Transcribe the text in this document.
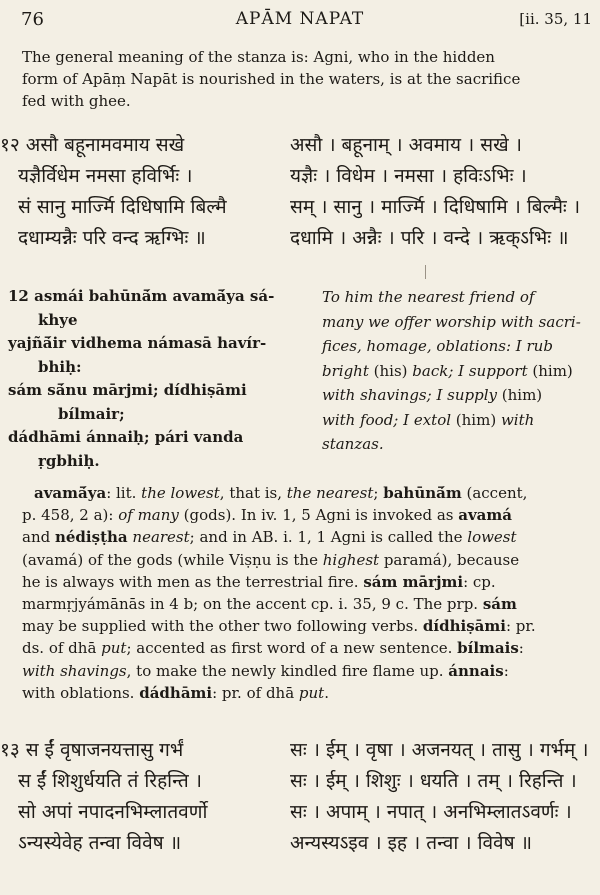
76	APĀM NAPAT	[ii. 35, 11
The general meaning of the stanza is: Agni, who in the hidden
form of Apāṃ Napāt is nourished in the waters, is at the sacrifice
fed with ghee.
१२ असौ बहूनामवमाय सखे
यज्ञैर्विधेम नमसा हविर्भिः ।
सं सानु मार्ज्मि दिधिषामि बिल्मै
दधाम्यन्नैः परि वन्द ऋग्भिः ॥
असौ । बहूनाम् । अवमाय । सखे ।
यज्ञैः । विधेम । नमसा । हविःऽभिः ।
सम् । सानु । मार्ज्मि । दिधिषामि । बिल्मैः ।
दधामि । अन्नैः । परि । वन्दे । ऋक्ऽभिः ॥
12 asmái bahūnā́m avamā́ya sá-
khye
yajñā́ir vidhema námasā havír-
bhiḥ:
sám sā́nu mārjmi; dídhiṣāmi
bílmair;
dádhāmi ánnaiḥ; pári vanda
ṛgbhiḥ.
To him the nearest friend of
many we offer worship with sacri-
fices, homage, oblations: I rub
bright (his) back; I support (him)
with shavings; I supply (him)
with food; I extol (him) with
stanzas.
avamā́ya: lit. the lowest, that is, the nearest; bahūnā́m (accent,
p. 458, 2 a): of many (gods). In iv. 1, 5 Agni is invoked as avamá
and nédiṣṭha nearest; and in AB. i. 1, 1 Agni is called the lowest
(avamá) of the gods (while Viṣṇu is the highest paramá), because
he is always with men as the terrestrial fire. sám mārjmi: cp.
marmṛjyámānās in 4 b; on the accent cp. i. 35, 9 c. The prp. sám
may be supplied with the other two following verbs. dídhiṣāmi: pr.
ds. of dhā put; accented as first word of a new sentence. bílmais:
with shavings, to make the newly kindled fire flame up. ánnais:
with oblations. dádhāmi: pr. of dhā put.
१३ स ईं वृषाजनयत्तासु गर्भं
स ईं शिशुर्धयति तं रिहन्ति ।
सो अपां नपादनभिम्लातवर्णो
ऽन्यस्येवेह तन्वा विवेष ॥
सः । ईम् । वृषा । अजनयत् । तासु । गर्भम् ।
सः । ईम् । शिशुः । धयति । तम् । रिहन्ति ।
सः । अपाम् । नपात् । अनभिम्लातऽवर्णः ।
अन्यस्यऽइव । इह । तन्वा । विवेष ॥
